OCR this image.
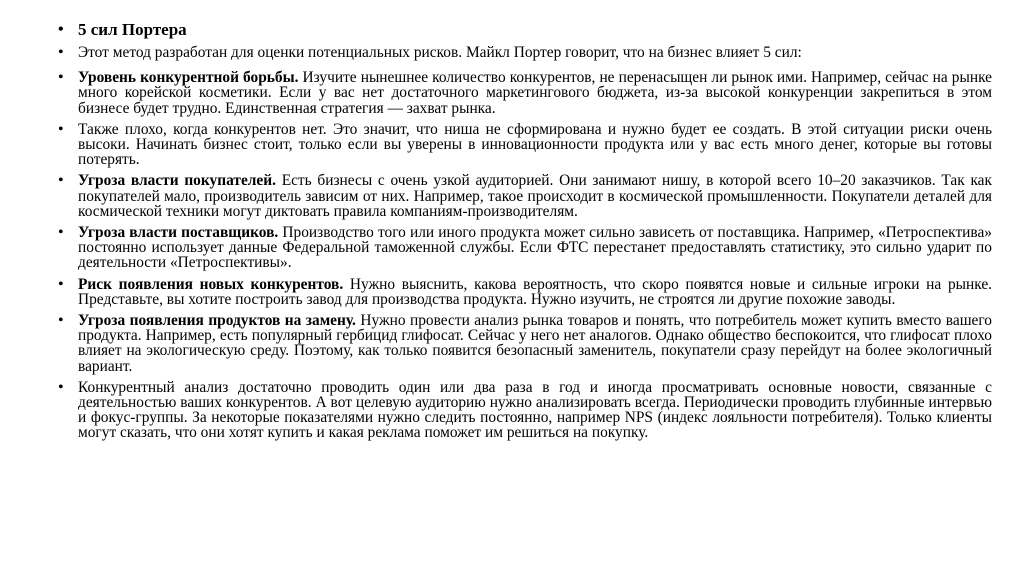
• 5 сил Портера
• Этот метод разработан для оценки потенциальных рисков. Майкл Портер говорит, что на бизнес влияет 5 сил:
• Уровень конкурентной борьбы. Изучите нынешнее количество конкурентов, не перенасыщен ли рынок ими. Например, сейчас на рынке много корейской косметики. Если у вас нет достаточного маркетингового бюджета, из-за высокой конкуренции закрепиться в этом бизнесе будет трудно. Единственная стратегия — захват рынка.
• Также плохо, когда конкурентов нет. Это значит, что ниша не сформирована и нужно будет ее создать. В этой ситуации риски очень высоки. Начинать бизнес стоит, только если вы уверены в инновационности продукта или у вас есть много денег, которые вы готовы потерять.
• Угроза власти покупателей. Есть бизнесы с очень узкой аудиторией. Они занимают нишу, в которой всего 10–20 заказчиков. Так как покупателей мало, производитель зависим от них. Например, такое происходит в космической промышленности. Покупатели деталей для космической техники могут диктовать правила компаниям-производителям.
• Угроза власти поставщиков. Производство того или иного продукта может сильно зависеть от поставщика. Например, «Петроспектива» постоянно использует данные Федеральной таможенной службы. Если ФТС перестанет предоставлять статистику, это сильно ударит по деятельности «Петроспективы».
• Риск появления новых конкурентов. Нужно выяснить, какова вероятность, что скоро появятся новые и сильные игроки на рынке. Представьте, вы хотите построить завод для производства продукта. Нужно изучить, не строятся ли другие похожие заводы.
• Угроза появления продуктов на замену. Нужно провести анализ рынка товаров и понять, что потребитель может купить вместо вашего продукта. Например, есть популярный гербицид глифосат. Сейчас у него нет аналогов. Однако общество беспокоится, что глифосат плохо влияет на экологическую среду. Поэтому, как только появится безопасный заменитель, покупатели сразу перейдут на более экологичный вариант.
• Конкурентный анализ достаточно проводить один или два раза в год и иногда просматривать основные новости, связанные с деятельностью ваших конкурентов. А вот целевую аудиторию нужно анализировать всегда. Периодически проводить глубинные интервью и фокус-группы. За некоторые показателями нужно следить постоянно, например NPS (индекс лояльности потребителя). Только клиенты могут сказать, что они хотят купить и какая реклама поможет им решиться на покупку.
